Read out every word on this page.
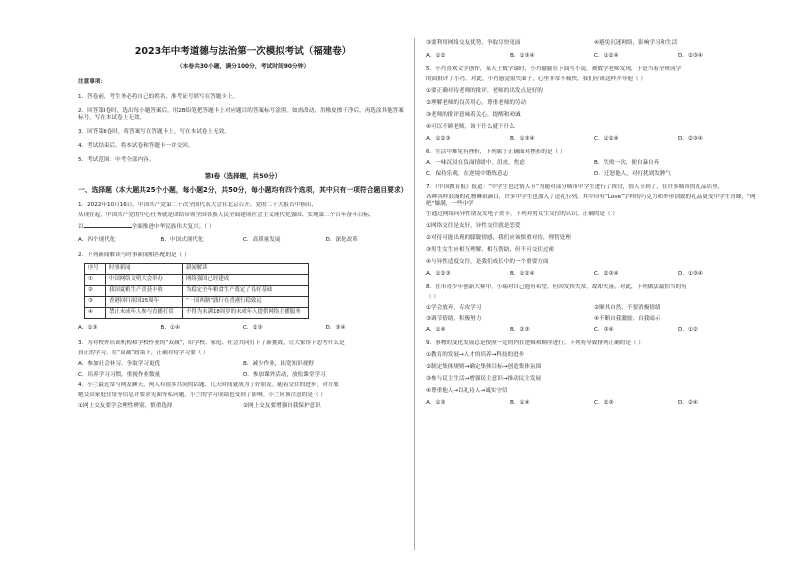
2023年中考道德与法治第一次模拟考试（福建卷）
（本卷共30小题，满分100分，考试时间90分钟）
注意事项：
1．答卷前，考生务必将自己的姓名、准考证号填写在答题卡上。
2．回答第Ⅰ卷时，选出每小题答案后，用2B铅笔把答题卡上对应题目的答案标号涂黑。如需改动，用橡皮擦干净后，再选涂其他答案标号。写在本试卷上无效。
3．回答第Ⅱ卷时，将答案写在答题卡上。写在本试卷上无效。
4．考试结束后，将本试卷和答题卡一并交回。
5．考试范围：中考全部内容。
第Ⅰ卷（选择题，共50分）
一、选择题（本大题共25个小题，每小题2分，共50分，每小题均有四个选项，其中只有一项符合题目要求）
1．2022年10月16日，中国共产党第二十次全国代表大会在北京召开，党的二十大报告中指出，
从现在起，中国共产党的中心任务就是团结带领全国各族人民全面建成社会主义现代化强国、实现第二个百年奋斗目标，
以	全面推进中华民族伟大复兴。（ ）
A．四个现代化	B．中国式现代化	C．高质量发展	D．深化改革
2．下列新闻解读与时事新闻相匹配的是（ ）
序号	时事新闻	新闻解读
①	中国网络文明大会举办	网络强国已经建成
②	我国夏粮生产喜获丰收	为稳定全年粮食生产奠定了良好基础
③	香港回归祖国25周年	“一国两制”践行在香港行稳致远
④	禁止未成年人参与直播打赏	不得为未满18周岁的未成年人提供网络主播服务
A．①③	B．①④	C．②③	D．③④
3．为对校外培训机构和学校作业的“双减”，给学校、家庭、社会共同打下了新挑战，让大家得下思考什么是
真正的学习。在“双减”政策下，正确对待学习要（ ）
A．参加社会补习，争取学习更优	B．减少作业，拓宽知识视野
C．培养学习习惯，重视作业数量	D．参加课外活动，放松课堂学习
4．小兰最近常与网友聊天，两人有很多共同的话题，几天时间就成为了好朋友。随着交往的进步，对方要
她交出家庭住址等信息并要求见面等私问题，小兰的学习成绩也受到了影响。小兰应该注意的是（ ）
①网上交友要学会理性辨别，慎重选择	②网上交友要增强自我保护意识
③要利用网络交友优势，争取尽快见面	④避免沉迷网络，影响学习和生活
A．①②	B．①③④	C．①②④	D．②③④
5．小肖喜欢文学创作，某天上数学课时，小肖偷偷在下面写小说，被数学老师发现，于是当着全班同学
的面批评了小肖。对此，小肖感觉很失面子，心里非常不痛快，我们应该这样开导他（ ）
①要正确对待老师的批评，老师的出发点是好的
②理解老师的良苦用心，尊重老师的劳动
③老师的批评意味着关心，提醒和劝诫
④可以不顾老师，该干什么就干什么
A．①②③	B．①③④	C．①②④	D．②③④
6．生活中难免有挫折，下列属于正确面对挫折的是（ ）
A．一味沉浸在负面情绪中，沮丧、焦虑	B．失败一次，便自暴自弃
C．保持乐观，在逆境中锻炼意志	D．迁怒他人，对打扰到发脾气
7．《中国教育报》报道：“中学生也过情人节”为题对部分城市中学生进行了探讨，情人节到了，在许多城市的礼品店里，
各种各样浪漫的礼物琳琅满目，许多中学生也加入了送礼行列，其中印有“Love”字样的巧克力和外形别致的礼品更受中学生青睐，“网吧”爆满，一些中学
生通过网络向异性朋友发电子贺卡。下列对男女生交往的认识，正确的是（ ）
①网络交往是友好，异性交往就是恋爱
②对待可能出现的朦胧情感，我们应该慎重对待，理智处理
③男生女生应相互理解、相互帮助，但不可交往过密
④与异性适度交往，是我们成长中的一个重要方面
A．①②③	B．①②④	C．②③④	D．①③④
8．在市青少年创新大赛中，小瑞对自己抱有希望，但因发挥失常，故却失落。对此，下列做法最恰当的有
（ ）
①学会放弃，专攻学习	②顺其自然，不要消极情绪
③调节情绪，积极努力	④不断自我激励，自我暗示
A．①④	B．②③	C．③④	D．①②
9．事物的变化发展总是按照一定的内在逻辑和顺序进行。下列将导致排列正确的是（ ）
①教育的发展→人才的培养→科技的进步
②制定集体规则→确定集体目标→创造集体氛围
③参与民主生活→增强民主意识→推动民主发展
④尊重他人→以礼待人→诚实守信
A．①③	B．①④	C．②③	D．②④
